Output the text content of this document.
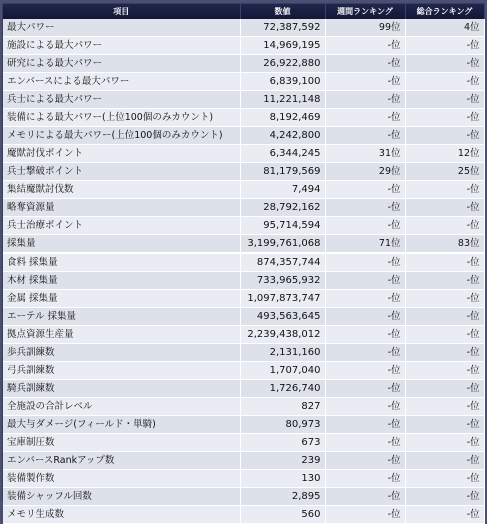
項目	数値	週間ランキング	総合ランキング
最大パワー	72,387,592	99位	4位
施設による最大パワー	14,969,195	-位	-位
研究による最大パワー	26,922,880	-位	-位
エンバースによる最大パワー	6,839,100	-位	-位
兵士による最大パワー	11,221,148	-位	-位
装備による最大パワー(上位100個のみカウント)	8,192,469	-位	-位
メモリによる最大パワー(上位100個のみカウント)	4,242,800	-位	-位
魔獣討伐ポイント	6,344,245	31位	12位
兵士撃破ポイント	81,179,569	29位	25位
集結魔獣討伐数	7,494	-位	-位
略奪資源量	28,792,162	-位	-位
兵士治療ポイント	95,714,594	-位	-位
採集量	3,199,761,068	71位	83位
食料 採集量	874,357,744	-位	-位
木材 採集量	733,965,932	-位	-位
金属 採集量	1,097,873,747	-位	-位
エーテル 採集量	493,563,645	-位	-位
拠点資源生産量	2,239,438,012	-位	-位
歩兵訓練数	2,131,160	-位	-位
弓兵訓練数	1,707,040	-位	-位
騎兵訓練数	1,726,740	-位	-位
全施設の合計レベル	827	-位	-位
最大与ダメージ(フィールド・単騎)	80,973	-位	-位
宝庫制圧数	673	-位	-位
エンバースRankアップ数	239	-位	-位
装備製作数	130	-位	-位
装備シャッフル回数	2,895	-位	-位
メモリ生成数	560	-位	-位
